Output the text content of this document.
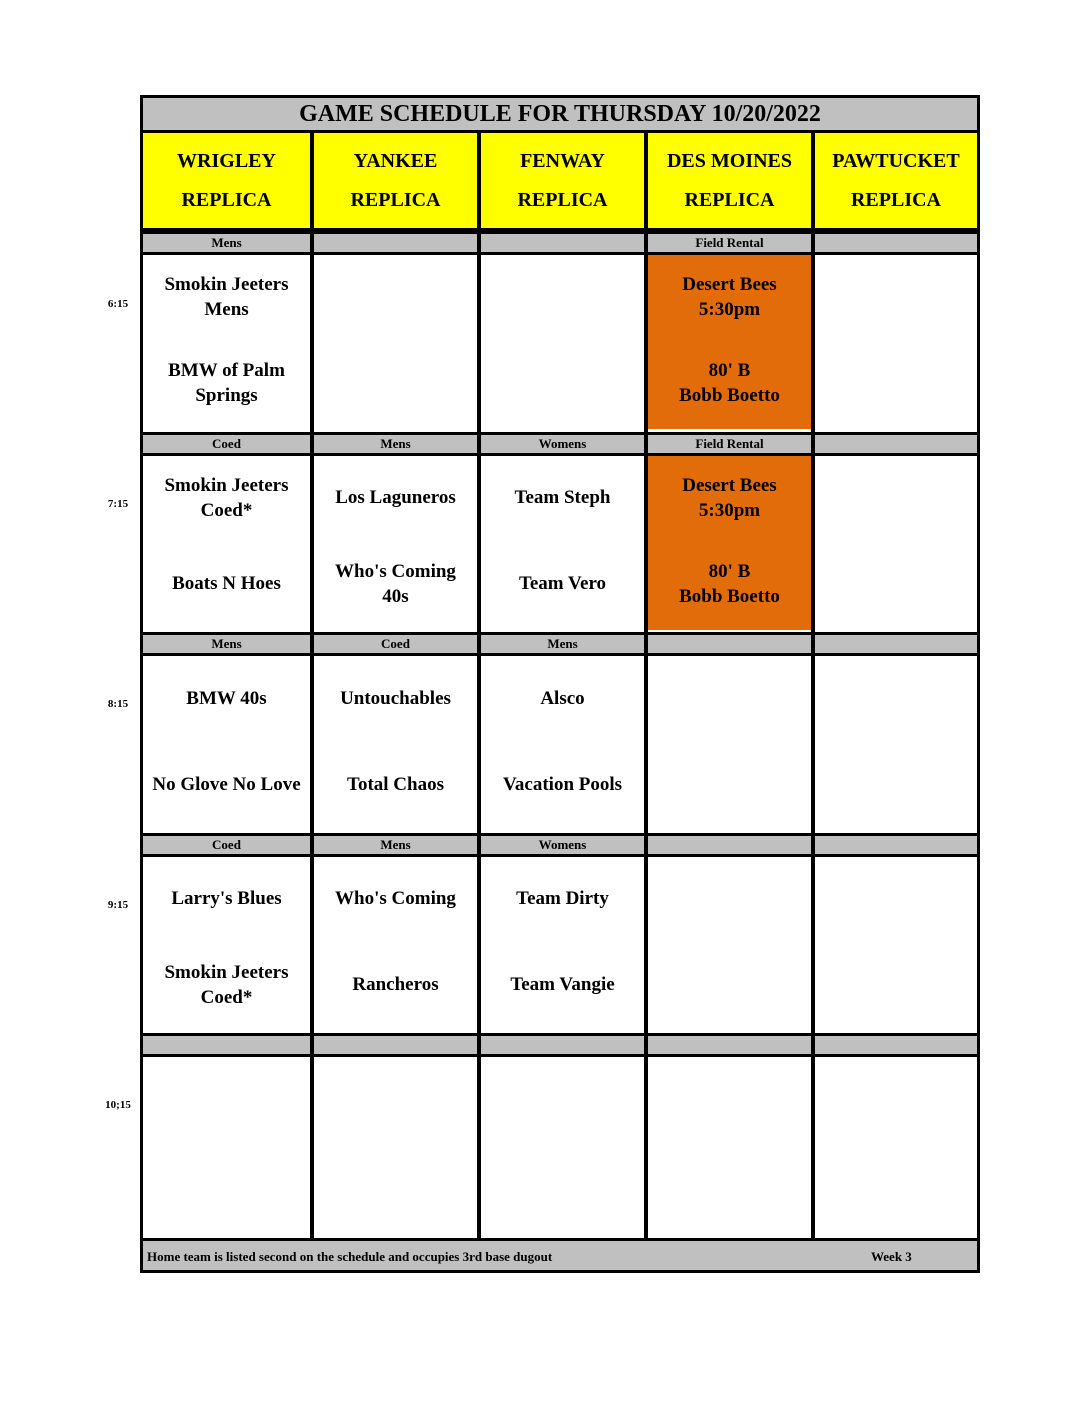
GAME SCHEDULE FOR THURSDAY 10/20/2022
WRIGLEY
REPLICA
Mens
Smokin Jeeters
Mens
BMW of Palm
Springs
Coed
Smokin Jeeters
Coed*
Boats N Hoes
Mens
BMW 40s
No Glove No Love
Coed
Larry's Blues
Smokin Jeeters
Coed*
YANKEE
REPLICA
Mens
Los Laguneros
Who's Coming
40s
Coed
Untouchables
Total Chaos
Mens
Who's Coming
Rancheros
FENWAY
REPLICA
Womens
Team Steph
Team Vero
Mens
Alsco
Vacation Pools
Womens
Team Dirty
Team Vangie
DES MOINES
REPLICA
Field Rental
Desert Bees
5:30pm
80' B
Bobb Boetto
Field Rental
Desert Bees
5:30pm
80' B
Bobb Boetto
PAWTUCKET
REPLICA
Home team is listed second on the schedule and occupies 3rd base dugout	Week 3
6:15
7:15
8:15
9:15
10;15
